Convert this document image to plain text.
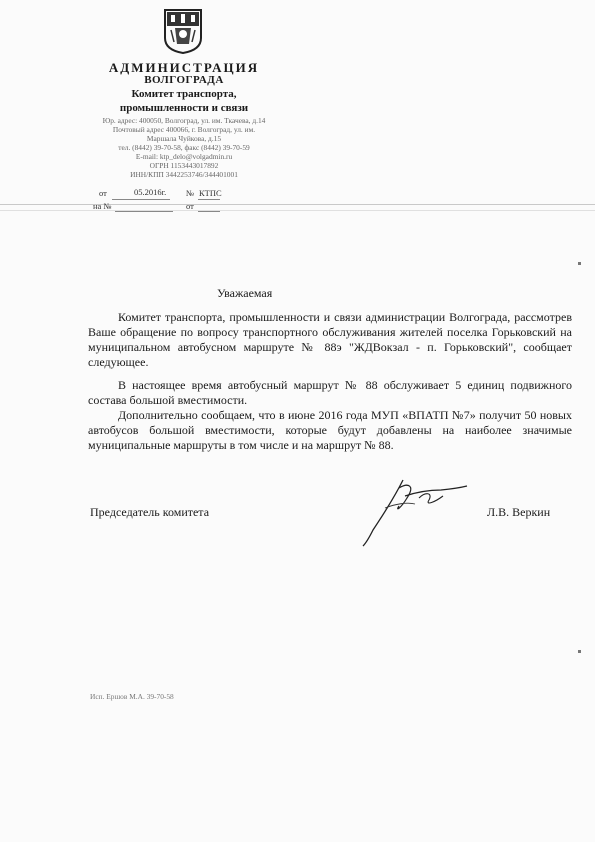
АДМИНИСТРАЦИЯ
ВОЛГОГРАДА
Комитет транспорта,
промышленности и связи
Юр. адрес: 400050, Волгоград, ул. им. Ткачева, д.14
Почтовый адрес 400066, г. Волгоград, ул. им.
Маршала Чуйкова, д.15
тел. (8442) 39-70-58, факс (8442) 39-70-59
E-mail: ktp_delo@volgadmin.ru
ОГРН 1153443017892
ИНН/КПП 3442253746/344401001
от	05.2016г. № КТПС
на №	от
Уважаемая

Комитет транспорта, промышленности и связи администрации Волгограда, рассмотрев Ваше обращение по вопросу транспортного обслуживания жителей поселка Горьковский на муниципальном автобусном маршруте № 88э "ЖДВокзал - п. Горьковский", сообщает следующее.

В настоящее время автобусный маршрут № 88 обслуживает 5 единиц подвижного состава большой вместимости.

Дополнительно сообщаем, что в июне 2016 года МУП «ВПАТП №7» получит 50 новых автобусов большой вместимости, которые будут добавлены на наиболее значимые муниципальные маршруты в том числе и на маршрут № 88.

Председатель комитета	Л.В. Веркин
Исп. Ершов М.А. 39-70-58
